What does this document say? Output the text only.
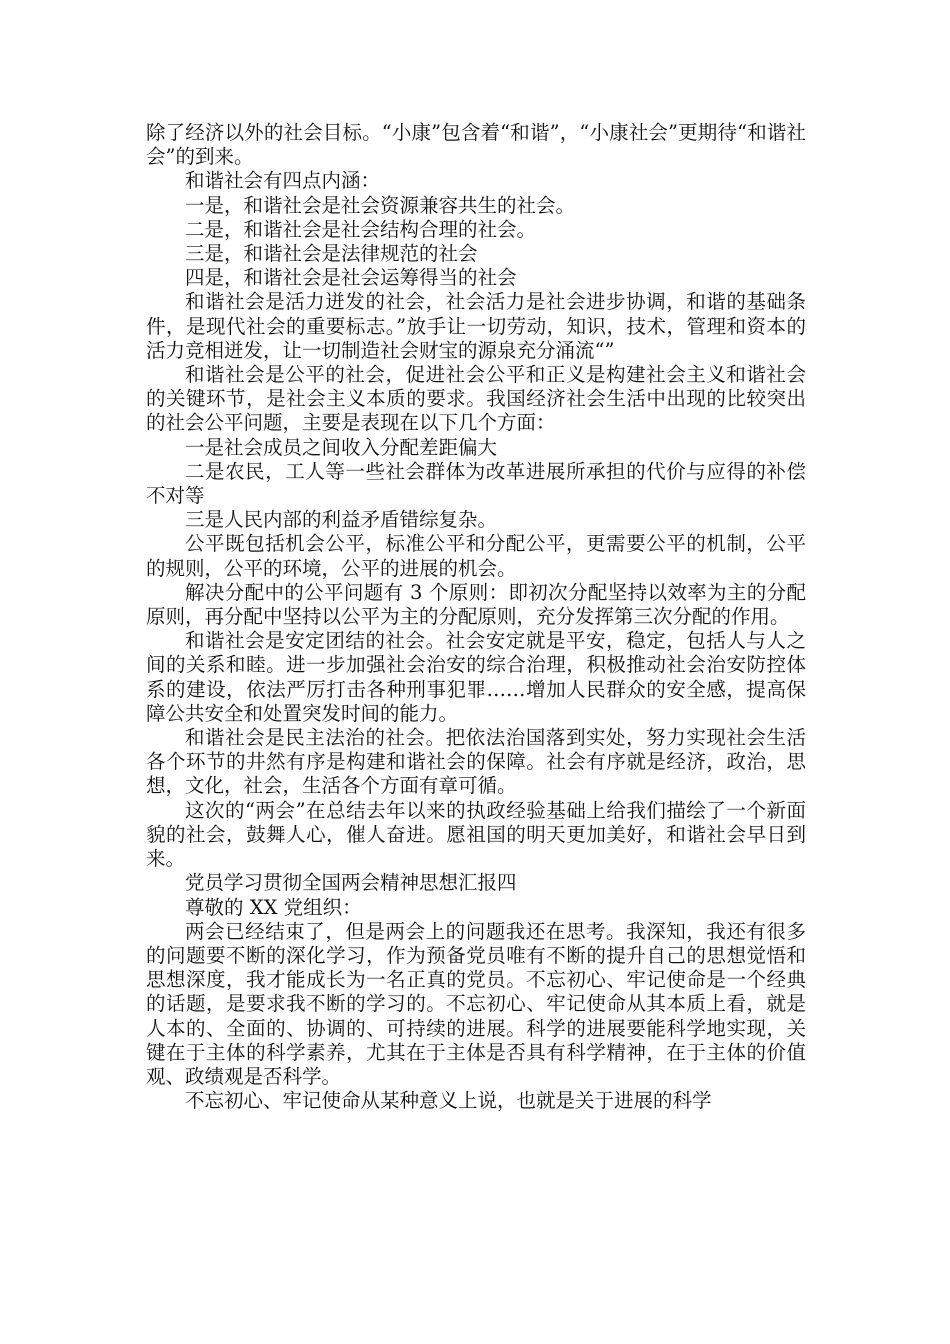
除了经济以外的社会目标。“小康”包含着“和谐”，“小康社会”更期待“和谐社会”的到来。

和谐社会有四点内涵：

一是，和谐社会是社会资源兼容共生的社会。

二是，和谐社会是社会结构合理的社会。

三是，和谐社会是法律规范的社会

四是，和谐社会是社会运筹得当的社会

和谐社会是活力迸发的社会，社会活力是社会进步协调，和谐的基础条件，是现代社会的重要标志。”放手让一切劳动，知识，技术，管理和资本的活力竞相迸发，让一切制造社会财宝的源泉充分涌流“”

和谐社会是公平的社会，促进社会公平和正义是构建社会主义和谐社会的关键环节，是社会主义本质的要求。我国经济社会生活中出现的比较突出的社会公平问题，主要是表现在以下几个方面：

一是社会成员之间收入分配差距偏大

二是农民，工人等一些社会群体为改革进展所承担的代价与应得的补偿不对等

三是人民内部的利益矛盾错综复杂。

公平既包括机会公平，标准公平和分配公平，更需要公平的机制，公平的规则，公平的环境，公平的进展的机会。

解决分配中的公平问题有 3 个原则：即初次分配坚持以效率为主的分配原则，再分配中坚持以公平为主的分配原则，充分发挥第三次分配的作用。

和谐社会是安定团结的社会。社会安定就是平安，稳定，包括人与人之间的关系和睦。进一步加强社会治安的综合治理，积极推动社会治安防控体系的建设，依法严厉打击各种刑事犯罪……增加人民群众的安全感，提高保障公共安全和处置突发时间的能力。

和谐社会是民主法治的社会。把依法治国落到实处，努力实现社会生活各个环节的井然有序是构建和谐社会的保障。社会有序就是经济，政治，思想，文化，社会，生活各个方面有章可循。

这次的“两会”在总结去年以来的执政经验基础上给我们描绘了一个新面貌的社会，鼓舞人心，催人奋进。愿祖国的明天更加美好，和谐社会早日到来。

党员学习贯彻全国两会精神思想汇报四

尊敬的 XX 党组织：

两会已经结束了，但是两会上的问题我还在思考。我深知，我还有很多的问题要不断的深化学习，作为预备党员唯有不断的提升自己的思想觉悟和思想深度，我才能成长为一名正真的党员。不忘初心、牢记使命是一个经典的话题，是要求我不断的学习的。不忘初心、牢记使命从其本质上看，就是人本的、全面的、协调的、可持续的进展。科学的进展要能科学地实现，关键在于主体的科学素养，尤其在于主体是否具有科学精神，在于主体的价值观、政绩观是否科学。

不忘初心、牢记使命从某种意义上说，也就是关于进展的科学
